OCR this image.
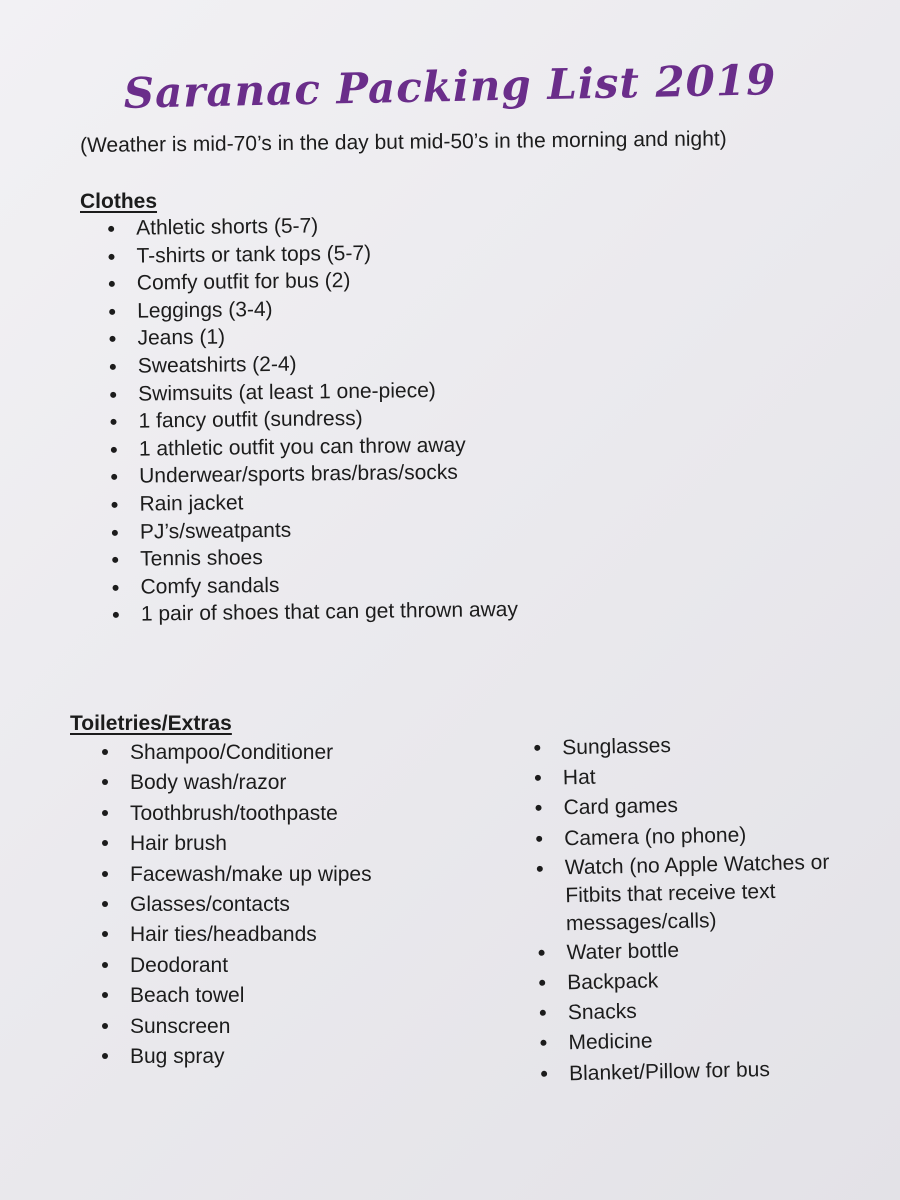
Saranac Packing List 2019
(Weather is mid-70’s in the day but mid-50’s in the morning and night)
Clothes
Athletic shorts (5-7)
T-shirts or tank tops (5-7)
Comfy outfit for bus (2)
Leggings (3-4)
Jeans (1)
Sweatshirts (2-4)
Swimsuits (at least 1 one-piece)
1 fancy outfit (sundress)
1 athletic outfit you can throw away
Underwear/sports bras/bras/socks
Rain jacket
PJ’s/sweatpants
Tennis shoes
Comfy sandals
1 pair of shoes that can get thrown away
Toiletries/Extras
Shampoo/Conditioner
Body wash/razor
Toothbrush/toothpaste
Hair brush
Facewash/make up wipes
Glasses/contacts
Hair ties/headbands
Deodorant
Beach towel
Sunscreen
Bug spray
Sunglasses
Hat
Card games
Camera (no phone)
Watch (no Apple Watches or Fitbits that receive text messages/calls)
Water bottle
Backpack
Snacks
Medicine
Blanket/Pillow for bus
